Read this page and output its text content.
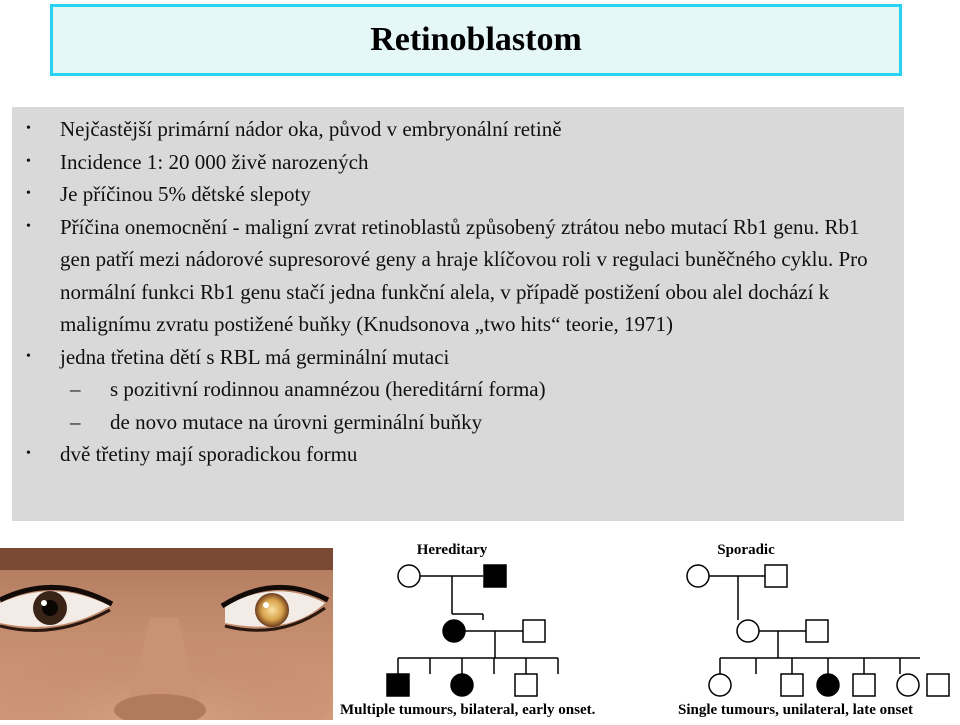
Retinoblastom
• Nejčastější primární nádor oka, původ v embryonální retině
• Incidence 1: 20 000 živě narozených
• Je příčinou 5% dětské slepoty
• Příčina onemocnění - maligní zvrat retinoblastů způsobený ztrátou nebo mutací Rb1 genu. Rb1 gen patří mezi nádorové supresorové geny a hraje klíčovou roli v regulaci buněčného cyklu. Pro normální funkci Rb1 genu stačí jedna funkční alela, v případě postižení obou alel dochází k malignímu zvratu postižené buňky (Knudsonova „two hits“ teorie, 1971)
• jedna třetina dětí s RBL má germinální mutaci
– s pozitivní rodinnou anamnézou (hereditární forma)
– de novo mutace na úrovni germinální buňky
• dvě třetiny mají sporadickou formu
Hereditary	Sporadic
Multiple tumours, bilateral, early onset.	Single tumours, unilateral, late onset
